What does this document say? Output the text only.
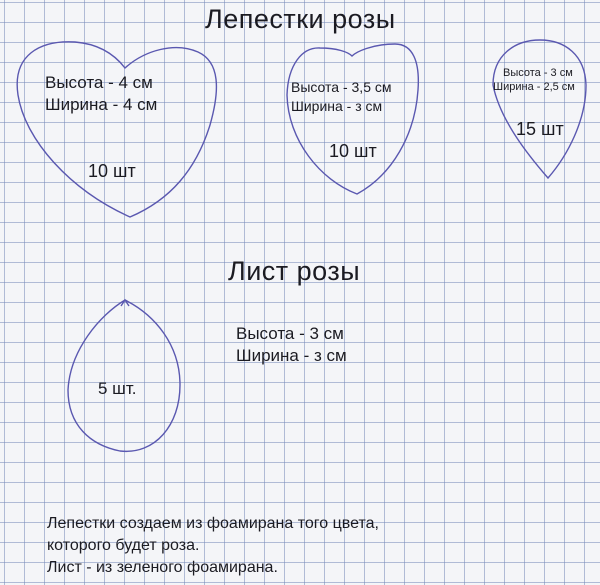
Лепестки розы
Высота - 4 см
Ширина - 4 см
10 шт
Высота - 3,5 см
Ширина - з см
10 шт
Высота - 3 см
Ширина - 2,5 см
15 шт
Лист розы
Высота - 3 см
Ширина - з см
5 шт.
Лепестки создаем из фоамирана того цвета,
которого будет роза.
Лист - из зеленого фоамирана.
